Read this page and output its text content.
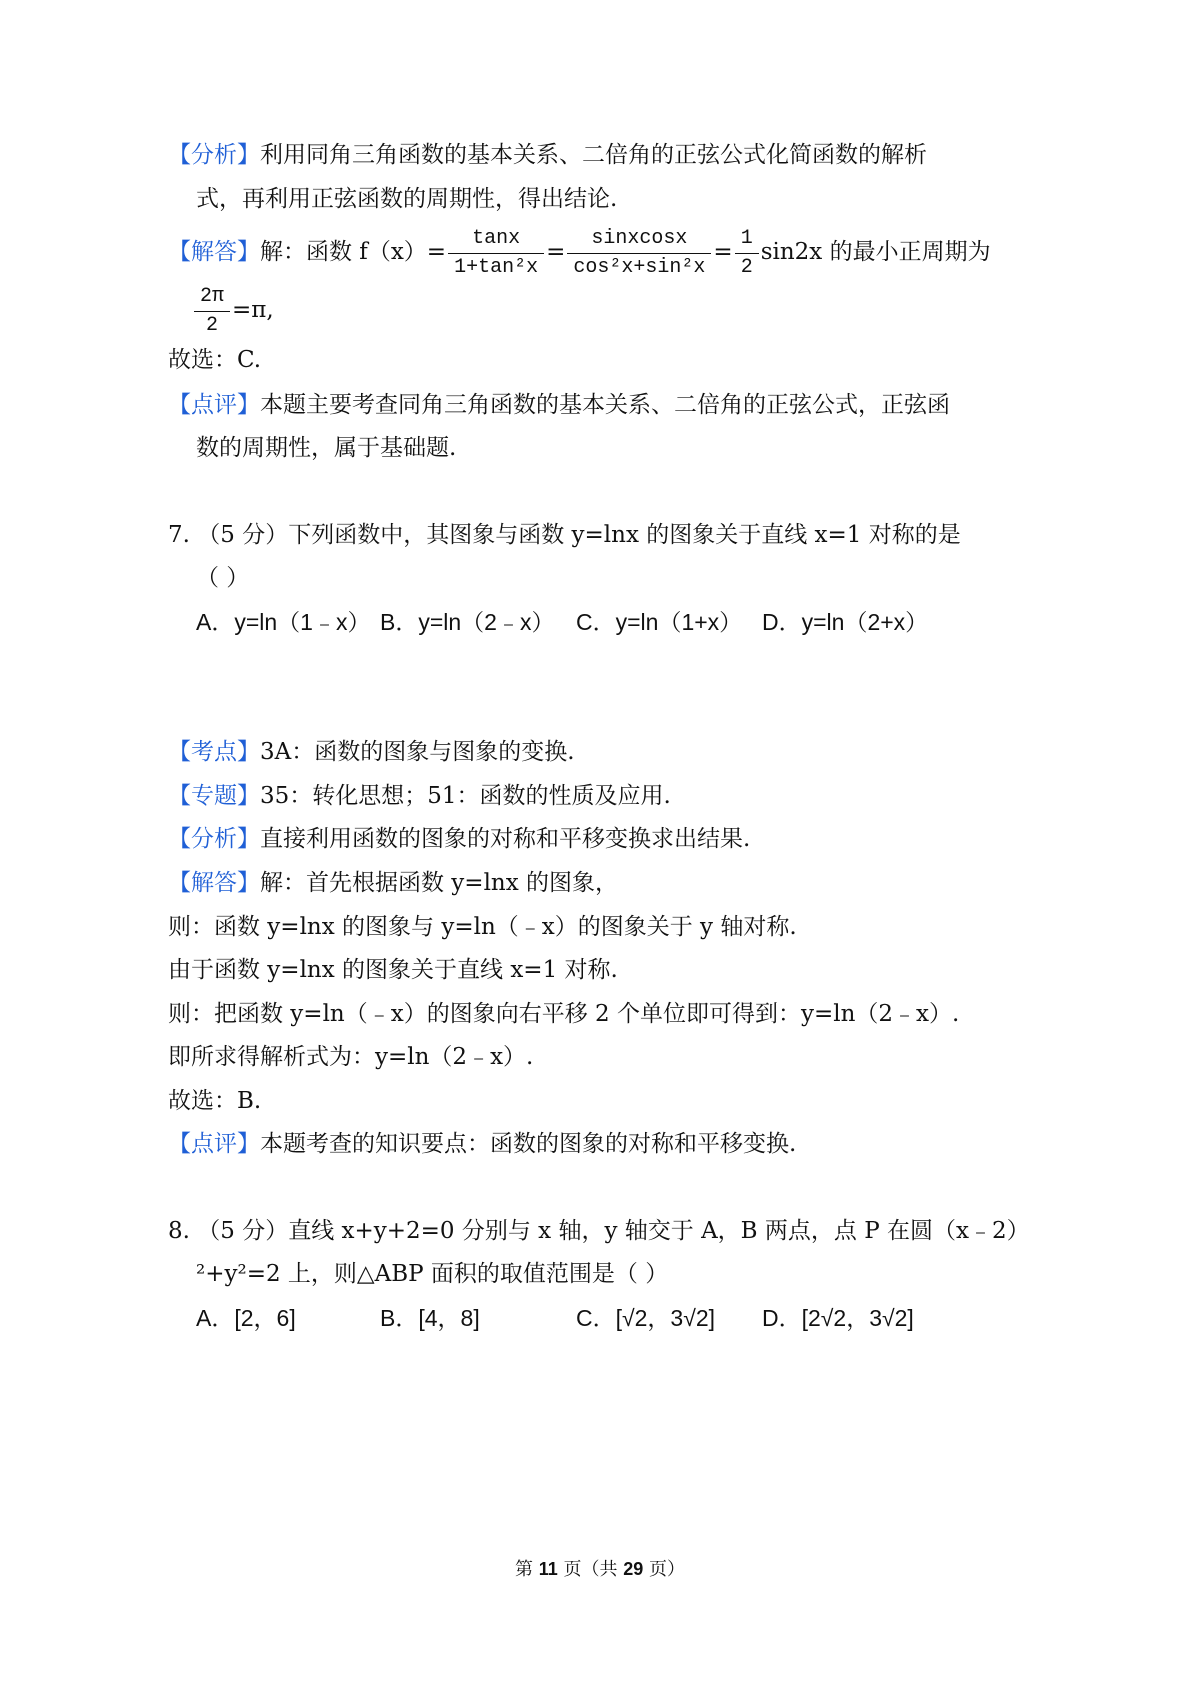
【分析】利用同角三角函数的基本关系、二倍角的正弦公式化简函数的解析
式，再利用正弦函数的周期性，得出结论.
【解答】解：函数 $f(x)= \frac{\tan x}{\text{1+tan²x}} = \frac{\text{sinxcosx}}{\text{cos²x+sin²x}} = \frac{1}{2} \sin 2x$ 的最小正周期为
$\frac{2\pi}{2} =\pi$,
故选：C.
【点评】本题主要考查同角三角函数的基本关系、二倍角的正弦公式，正弦函
数的周期性，属于基础题.
7. （5 分）下列函数中，其图象与函数 y=lnx 的图象关于直线 x=1 对称的是
（ ）
A．y=ln（1﹣x） B．y=ln（2﹣x） C．y=ln（1+x） D．y=ln（2+x）
【考点】3A：函数的图象与图象的变换.
【专题】35：转化思想；51：函数的性质及应用.
【分析】直接利用函数的图象的对称和平移变换求出结果.
【解答】解：首先根据函数 y=lnx 的图象，
则：函数 y=lnx 的图象与 y=ln（﹣x）的图象关于 y 轴对称.
由于函数 y=lnx 的图象关于直线 x=1 对称.
则：把函数 y=ln（﹣x）的图象向右平移 2 个单位即可得到：y=ln（2﹣x）.
即所求得解析式为：y=ln（2﹣x）.
故选：B.
【点评】本题考查的知识要点：函数的图象的对称和平移变换.
8. （5 分）直线 x+y+2=0 分别与 x 轴，y 轴交于 A，B 两点，点 P 在圆（x﹣2）
²+y²=2 上，则△ABP 面积的取值范围是（ ）
A．[2，6]	B．[4，8]	C．[√2，3√2] D．[2√2，3√2]
第 11 页（共 29 页）
